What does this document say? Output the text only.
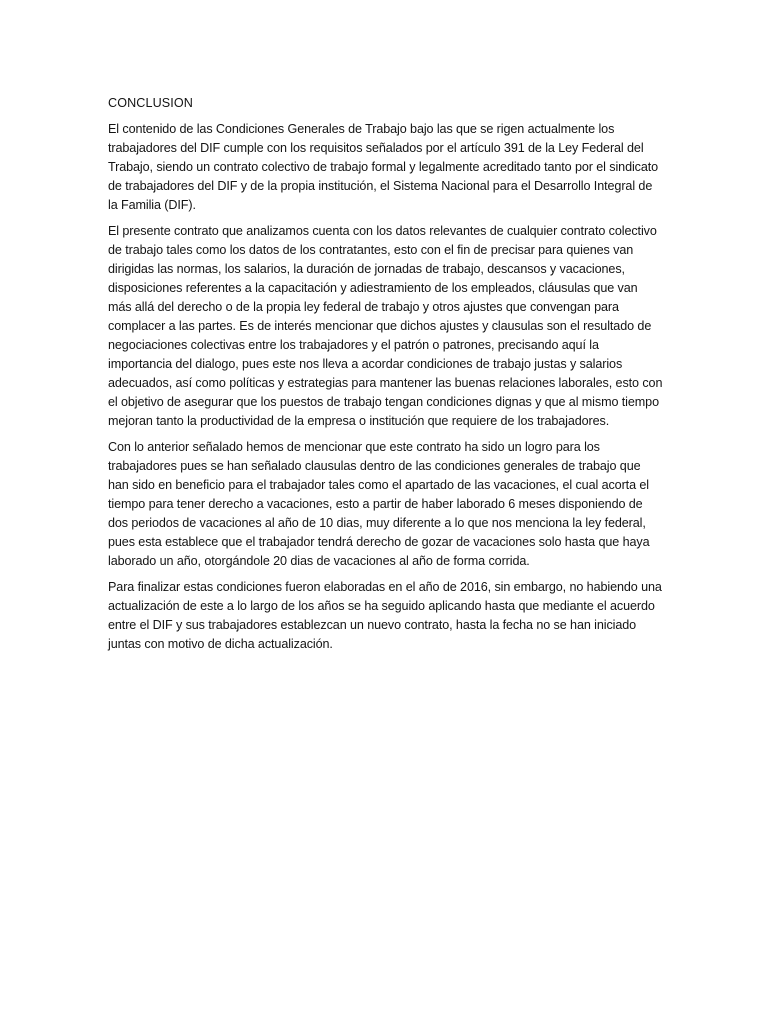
CONCLUSION

El contenido de las Condiciones Generales de Trabajo bajo las que se rigen actualmente los trabajadores del DIF cumple con los requisitos señalados por el artículo 391 de la Ley Federal del Trabajo, siendo un contrato colectivo de trabajo formal y legalmente acreditado tanto por el sindicato de trabajadores del DIF y de la propia institución, el Sistema Nacional para el Desarrollo Integral de la Familia (DIF).

El presente contrato que analizamos cuenta con los datos relevantes de cualquier contrato colectivo de trabajo tales como los datos de los contratantes, esto con el fin de precisar para quienes van dirigidas las normas, los salarios, la duración de jornadas de trabajo, descansos y vacaciones, disposiciones referentes a la capacitación y adiestramiento de los empleados, cláusulas que van más allá del derecho o de la propia ley federal de trabajo y otros ajustes que convengan para complacer a las partes. Es de interés mencionar que dichos ajustes y clausulas son el resultado de negociaciones colectivas entre los trabajadores y el patrón o patrones, precisando aquí la importancia del dialogo, pues este nos lleva a acordar condiciones de trabajo justas y salarios adecuados, así como políticas y estrategias para mantener las buenas relaciones laborales, esto con el objetivo de asegurar que los puestos de trabajo tengan condiciones dignas y que al mismo tiempo mejoran tanto la productividad de la empresa o institución que requiere de los trabajadores.

Con lo anterior señalado hemos de mencionar que este contrato ha sido un logro para los trabajadores pues se han señalado clausulas dentro de las condiciones generales de trabajo que han sido en beneficio para el trabajador tales como el apartado de las vacaciones, el cual acorta el tiempo para tener derecho a vacaciones, esto a partir de haber laborado 6 meses disponiendo de dos periodos de vacaciones al año de 10 dias, muy diferente a lo que nos menciona la ley federal, pues esta establece que el trabajador tendrá derecho de gozar de vacaciones solo hasta que haya laborado un año, otorgándole 20 dias de vacaciones al año de forma corrida.

Para finalizar estas condiciones fueron elaboradas en el año de 2016, sin embargo, no habiendo una actualización de este a lo largo de los años se ha seguido aplicando hasta que mediante el acuerdo entre el DIF y sus trabajadores establezcan un nuevo contrato, hasta la fecha no se han iniciado juntas con motivo de dicha actualización.
